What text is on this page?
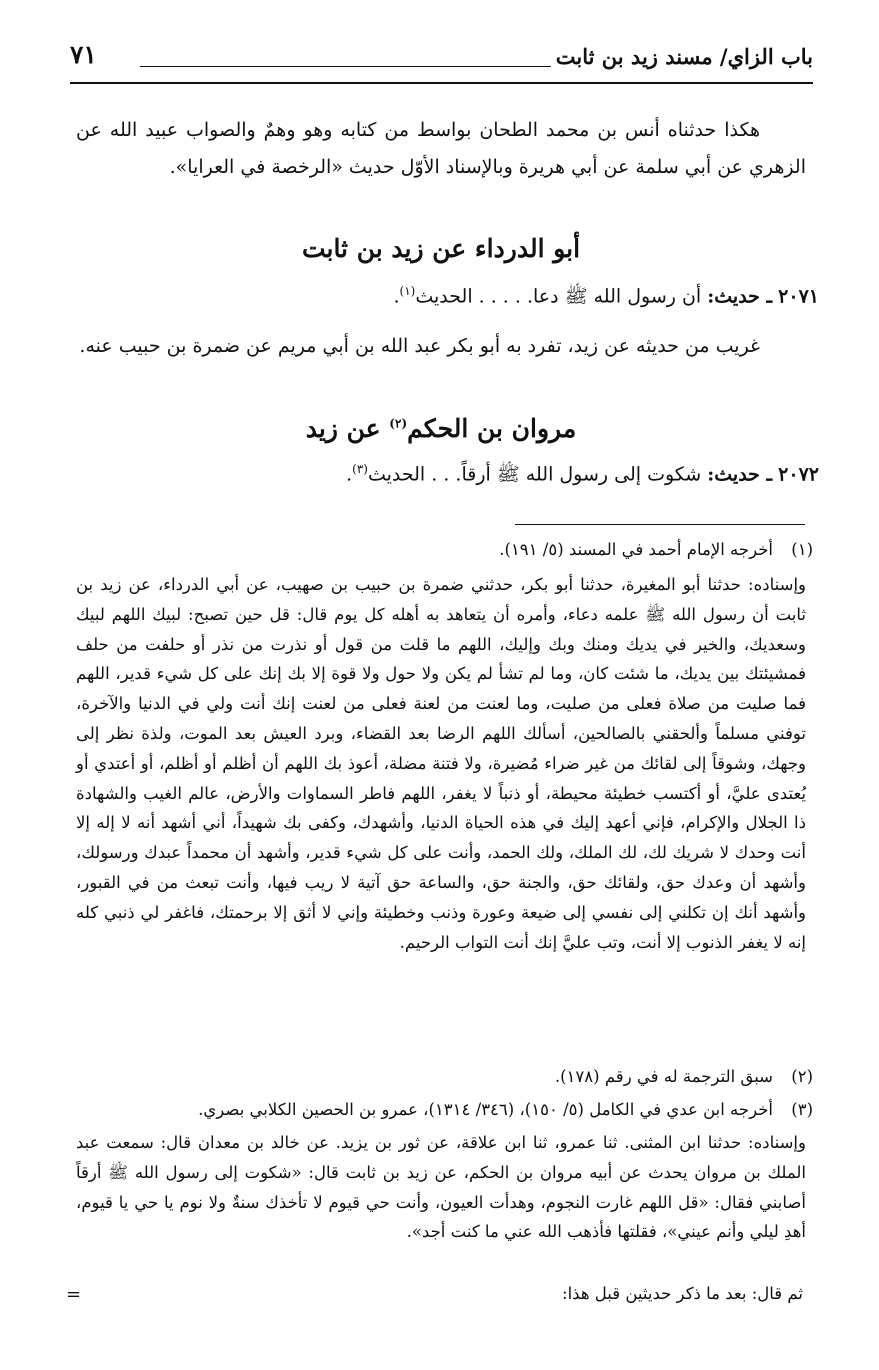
باب الزاي/ مسند زيد بن ثابت
٧١
هكذا حدثناه أنس بن محمد الطحان بواسط من كتابه وهو وهمٌ والصواب عبيد الله عن الزهري عن أبي سلمة عن أبي هريرة وبالإسناد الأوّل حديث «الرخصة في العرايا».
أبو الدرداء عن زيد بن ثابت
٢٠٧١ ـ حديث: أن رسول الله ﷺ دعا. . . . . الحديث$^{(١)}$.
غريب من حديثه عن زيد، تفرد به أبو بكر عبد الله بن أبي مريم عن ضمرة بن حبيب عنه.
مروان بن الحكم$^{(٢)}$ عن زيد
٢٠٧٢ ـ حديث: شكوت إلى رسول الله ﷺ أرقاً. . . الحديث$^{(٣)}$.
(١)
أخرجه الإمام أحمد في المسند (٥/ ١٩١).
وإسناده: حدثنا أبو المغيرة، حدثنا أبو بكر، حدثني ضمرة بن حبيب بن صهيب، عن أبي الدرداء، عن زيد بن ثابت أن رسول الله ﷺ علمه دعاء، وأمره أن يتعاهد به أهله كل يوم قال: قل حين تصبح: لبيك اللهم لبيك وسعديك، والخير في يديك ومنك وبك وإليك، اللهم ما قلت من قول أو نذرت من نذر أو حلفت من حلف فمشيئتك بين يديك، ما شئت كان، وما لم تشأ لم يكن ولا حول ولا قوة إلا بك إنك على كل شيء قدير، اللهم فما صليت من صلاة فعلى من صليت، وما لعنت من لعنة فعلى من لعنت إنك أنت ولي في الدنيا والآخرة، توفني مسلماً وألحقني بالصالحين، أسألك اللهم الرضا بعد القضاء، وبرد العيش بعد الموت، ولذة نظر إلى وجهك، وشوقاً إلى لقائك من غير ضراء مُضيرة، ولا فتنة مضلة، أعوذ بك اللهم أن أظلم أو أظلم، أو أعتدي أو يُعتدى عليَّ، أو أكتسب خطيئة محيطة، أو ذنباً لا يغفر، اللهم فاطر السماوات والأرض، عالم الغيب والشهادة ذا الجلال والإكرام، فإني أعهد إليك في هذه الحياة الدنيا، وأشهدك، وكفى بك شهيداً، أني أشهد أنه لا إله إلا أنت وحدك لا شريك لك، لك الملك، ولك الحمد، وأنت على كل شيء قدير، وأشهد أن محمداً عبدك ورسولك، وأشهد أن وعدك حق، ولقائك حق، والجنة حق، والساعة حق آتية لا ريب فيها، وأنت تبعث من في القبور، وأشهد أنك إن تكلني إلى نفسي إلى ضيعة وعورة وذنب وخطيئة وإني لا أثق إلا برحمتك، فاغفر لي ذنبي كله إنه لا يغفر الذنوب إلا أنت، وتب عليَّ إنك أنت التواب الرحيم.
(٢)
سبق الترجمة له في رقم (١٧٨).
(٣)
أخرجه ابن عدي في الكامل (٥/ ١٥٠)، (٣٤٦/ ١٣١٤)، عمرو بن الحصين الكلابي بصري.
وإسناده: حدثنا ابن المثنى. ثنا عمرو، ثنا ابن علاقة، عن ثور بن يزيد. عن خالد بن معدان قال: سمعت عبد الملك بن مروان يحدث عن أبيه مروان بن الحكم، عن زيد بن ثابت قال: «شكوت إلى رسول الله ﷺ أرقاً أصابني فقال: «قل اللهم غارت النجوم، وهدأت العيون، وأنت حي قيوم لا تأخذك سنةٌ ولا نوم يا حي يا قيوم، أهدِ ليلي وأنم عيني»، فقلتها فأذهب الله عني ما كنت أجد».
ثم قال: بعد ما ذكر حديثين قبل هذا:
=
